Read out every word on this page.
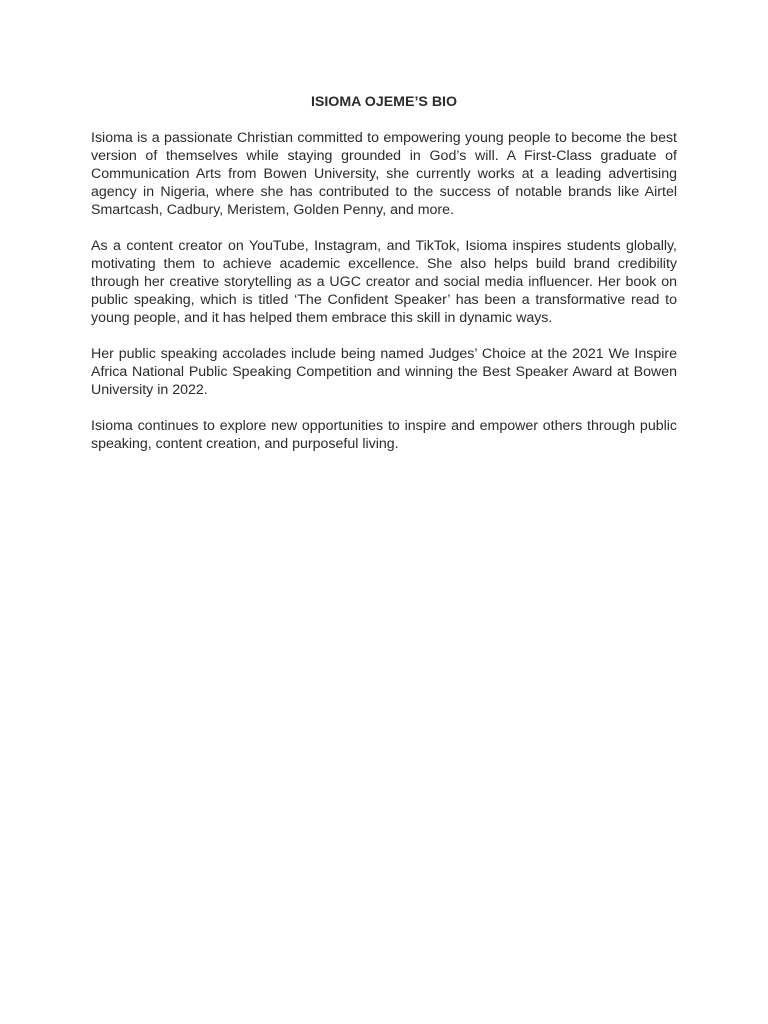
ISIOMA OJEME’S BIO

Isioma is a passionate Christian committed to empowering young people to become the best version of themselves while staying grounded in God’s will. A First-Class graduate of Communication Arts from Bowen University, she currently works at a leading advertising agency in Nigeria, where she has contributed to the success of notable brands like Airtel Smartcash, Cadbury, Meristem, Golden Penny, and more.

As a content creator on YouTube, Instagram, and TikTok, Isioma inspires students globally, motivating them to achieve academic excellence. She also helps build brand credibility through her creative storytelling as a UGC creator and social media influencer. Her book on public speaking, which is titled ‘The Confident Speaker’ has been a transformative read to young people, and it has helped them embrace this skill in dynamic ways.

Her public speaking accolades include being named Judges’ Choice at the 2021 We Inspire Africa National Public Speaking Competition and winning the Best Speaker Award at Bowen University in 2022.

Isioma continues to explore new opportunities to inspire and empower others through public speaking, content creation, and purposeful living.
